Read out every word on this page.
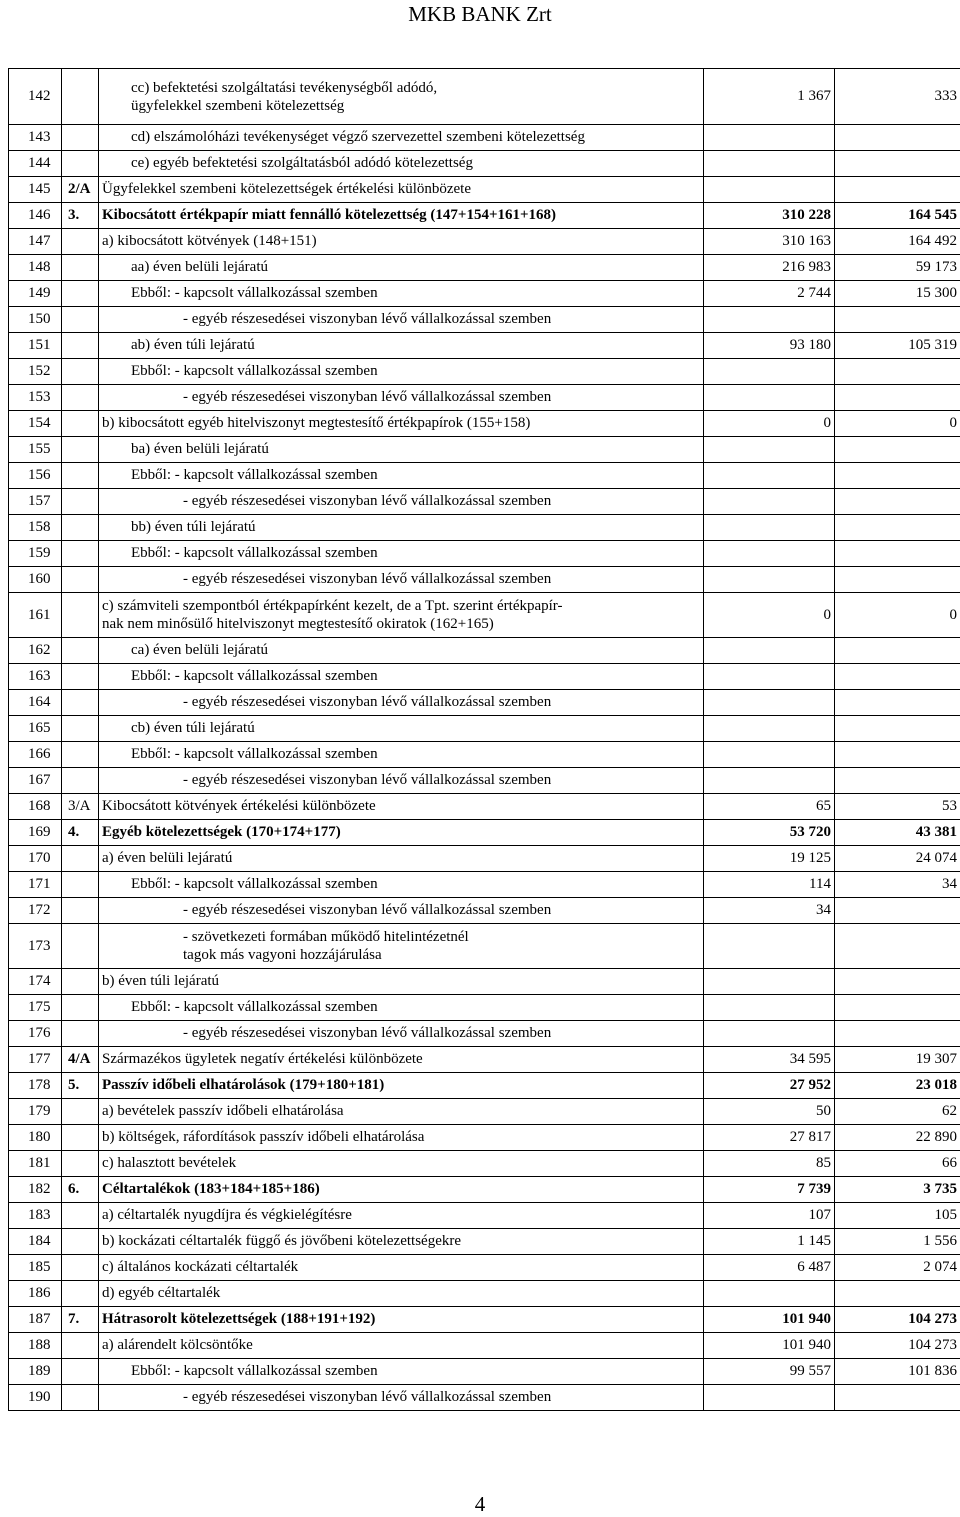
MKB BANK Zrt
142		cc) befektetési szolgáltatási tevékenységből adódó,
ügyfelekkel szembeni kötelezettség	1 367	333
143		cd) elszámolóházi tevékenységet végző szervezettel szembeni kötelezettség		
144		ce) egyéb befektetési szolgáltatásból adódó kötelezettség		
145	2/A	Ügyfelekkel szembeni kötelezettségek értékelési különbözete		
146	3.	Kibocsátott értékpapír miatt fennálló kötelezettség (147+154+161+168)	310 228	164 545
147		a) kibocsátott kötvények (148+151)	310 163	164 492
148		aa) éven belüli lejáratú	216 983	59 173
149		Ebből: - kapcsolt vállalkozással szemben	2 744	15 300
150		- egyéb részesedései viszonyban lévő vállalkozással szemben		
151		ab) éven túli lejáratú	93 180	105 319
152		Ebből: - kapcsolt vállalkozással szemben		
153		- egyéb részesedései viszonyban lévő vállalkozással szemben		
154		b) kibocsátott egyéb hitelviszonyt megtestesítő értékpapírok (155+158)	0	0
155		ba) éven belüli lejáratú		
156		Ebből: - kapcsolt vállalkozással szemben		
157		- egyéb részesedései viszonyban lévő vállalkozással szemben		
158		bb) éven túli lejáratú		
159		Ebből: - kapcsolt vállalkozással szemben		
160		- egyéb részesedései viszonyban lévő vállalkozással szemben		
161		c) számviteli szempontból értékpapírként kezelt, de a Tpt. szerint értékpapír-
nak nem minősülő hitelviszonyt megtestesítő okiratok (162+165)	0	0
162		ca) éven belüli lejáratú		
163		Ebből: - kapcsolt vállalkozással szemben		
164		- egyéb részesedései viszonyban lévő vállalkozással szemben		
165		cb) éven túli lejáratú		
166		Ebből: - kapcsolt vállalkozással szemben		
167		- egyéb részesedései viszonyban lévő vállalkozással szemben		
168	3/A	Kibocsátott kötvények értékelési különbözete	65	53
169	4.	Egyéb kötelezettségek (170+174+177)	53 720	43 381
170		a) éven belüli lejáratú	19 125	24 074
171		Ebből: - kapcsolt vállalkozással szemben	114	34
172		- egyéb részesedései viszonyban lévő vállalkozással szemben	34	
173		- szövetkezeti formában működő hitelintézetnél
tagok más vagyoni hozzájárulása		
174		b) éven túli lejáratú		
175		Ebből: - kapcsolt vállalkozással szemben		
176		- egyéb részesedései viszonyban lévő vállalkozással szemben		
177	4/A	Származékos ügyletek negatív értékelési különbözete	34 595	19 307
178	5.	Passzív időbeli elhatárolások (179+180+181)	27 952	23 018
179		a) bevételek passzív időbeli elhatárolása	50	62
180		b) költségek, ráfordítások passzív időbeli elhatárolása	27 817	22 890
181		c) halasztott bevételek	85	66
182	6.	Céltartalékok (183+184+185+186)	7 739	3 735
183		a) céltartalék nyugdíjra és végkielégítésre	107	105
184		b) kockázati céltartalék függő és jövőbeni kötelezettségekre	1 145	1 556
185		c) általános kockázati céltartalék	6 487	2 074
186		d) egyéb céltartalék		
187	7.	Hátrasorolt kötelezettségek (188+191+192)	101 940	104 273
188		a) alárendelt kölcsöntőke	101 940	104 273
189		Ebből: - kapcsolt vállalkozással szemben	99 557	101 836
190		- egyéb részesedései viszonyban lévő vállalkozással szemben		
4
